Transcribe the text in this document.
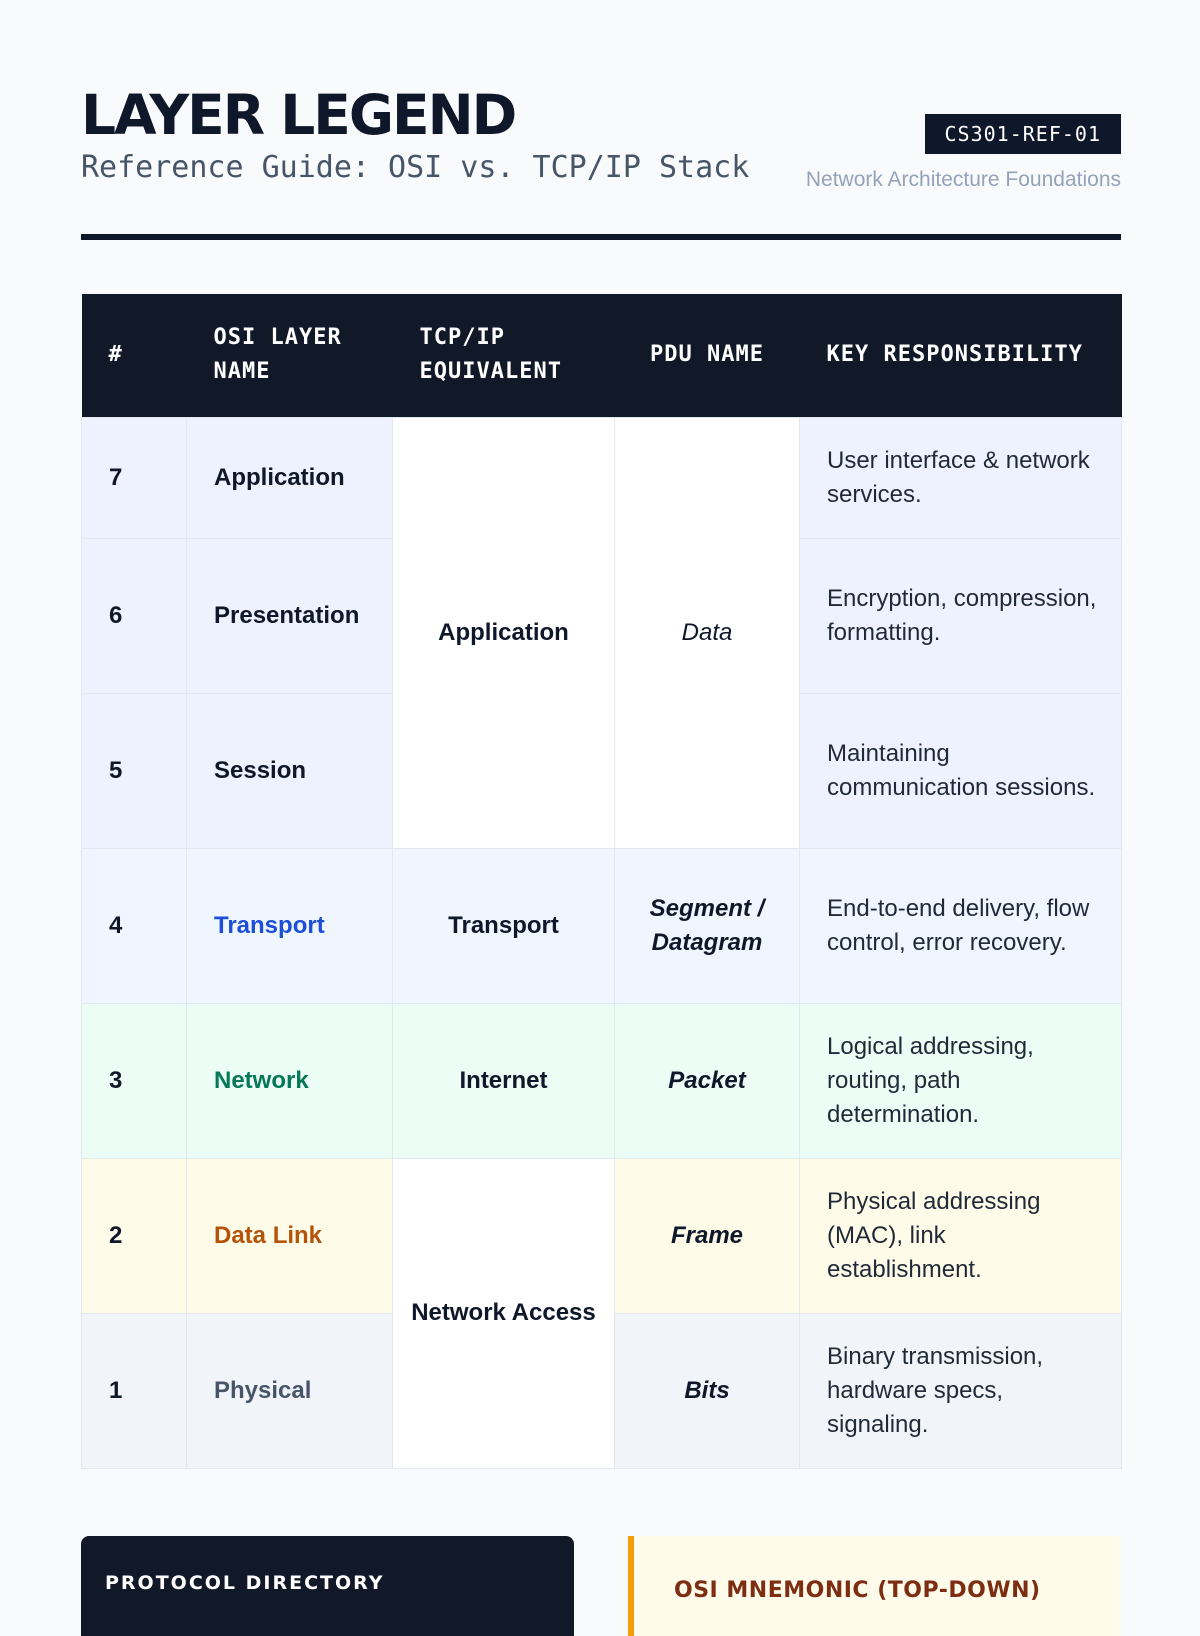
LAYER LEGEND
Reference Guide: OSI vs. TCP/IP Stack
CS301-REF-01
Network Architecture Foundations
#	OSI LAYER NAME	TCP/IP EQUIVALENT	PDU NAME	KEY RESPONSIBILITY
7	Application	Application	Data	User interface & network services.
6	Presentation			Encryption, compression, formatting.
5	Session			Maintaining communication sessions.
4	Transport	Transport	Segment / Datagram	End-to-end delivery, flow control, error recovery.
3	Network	Internet	Packet	Logical addressing, routing, path determination.
2	Data Link	Network Access	Frame	Physical addressing (MAC), link establishment.
1	Physical		Bits	Binary transmission, hardware specs, signaling.
PROTOCOL DIRECTORY	OSI MNEMONIC (TOP-DOWN)
